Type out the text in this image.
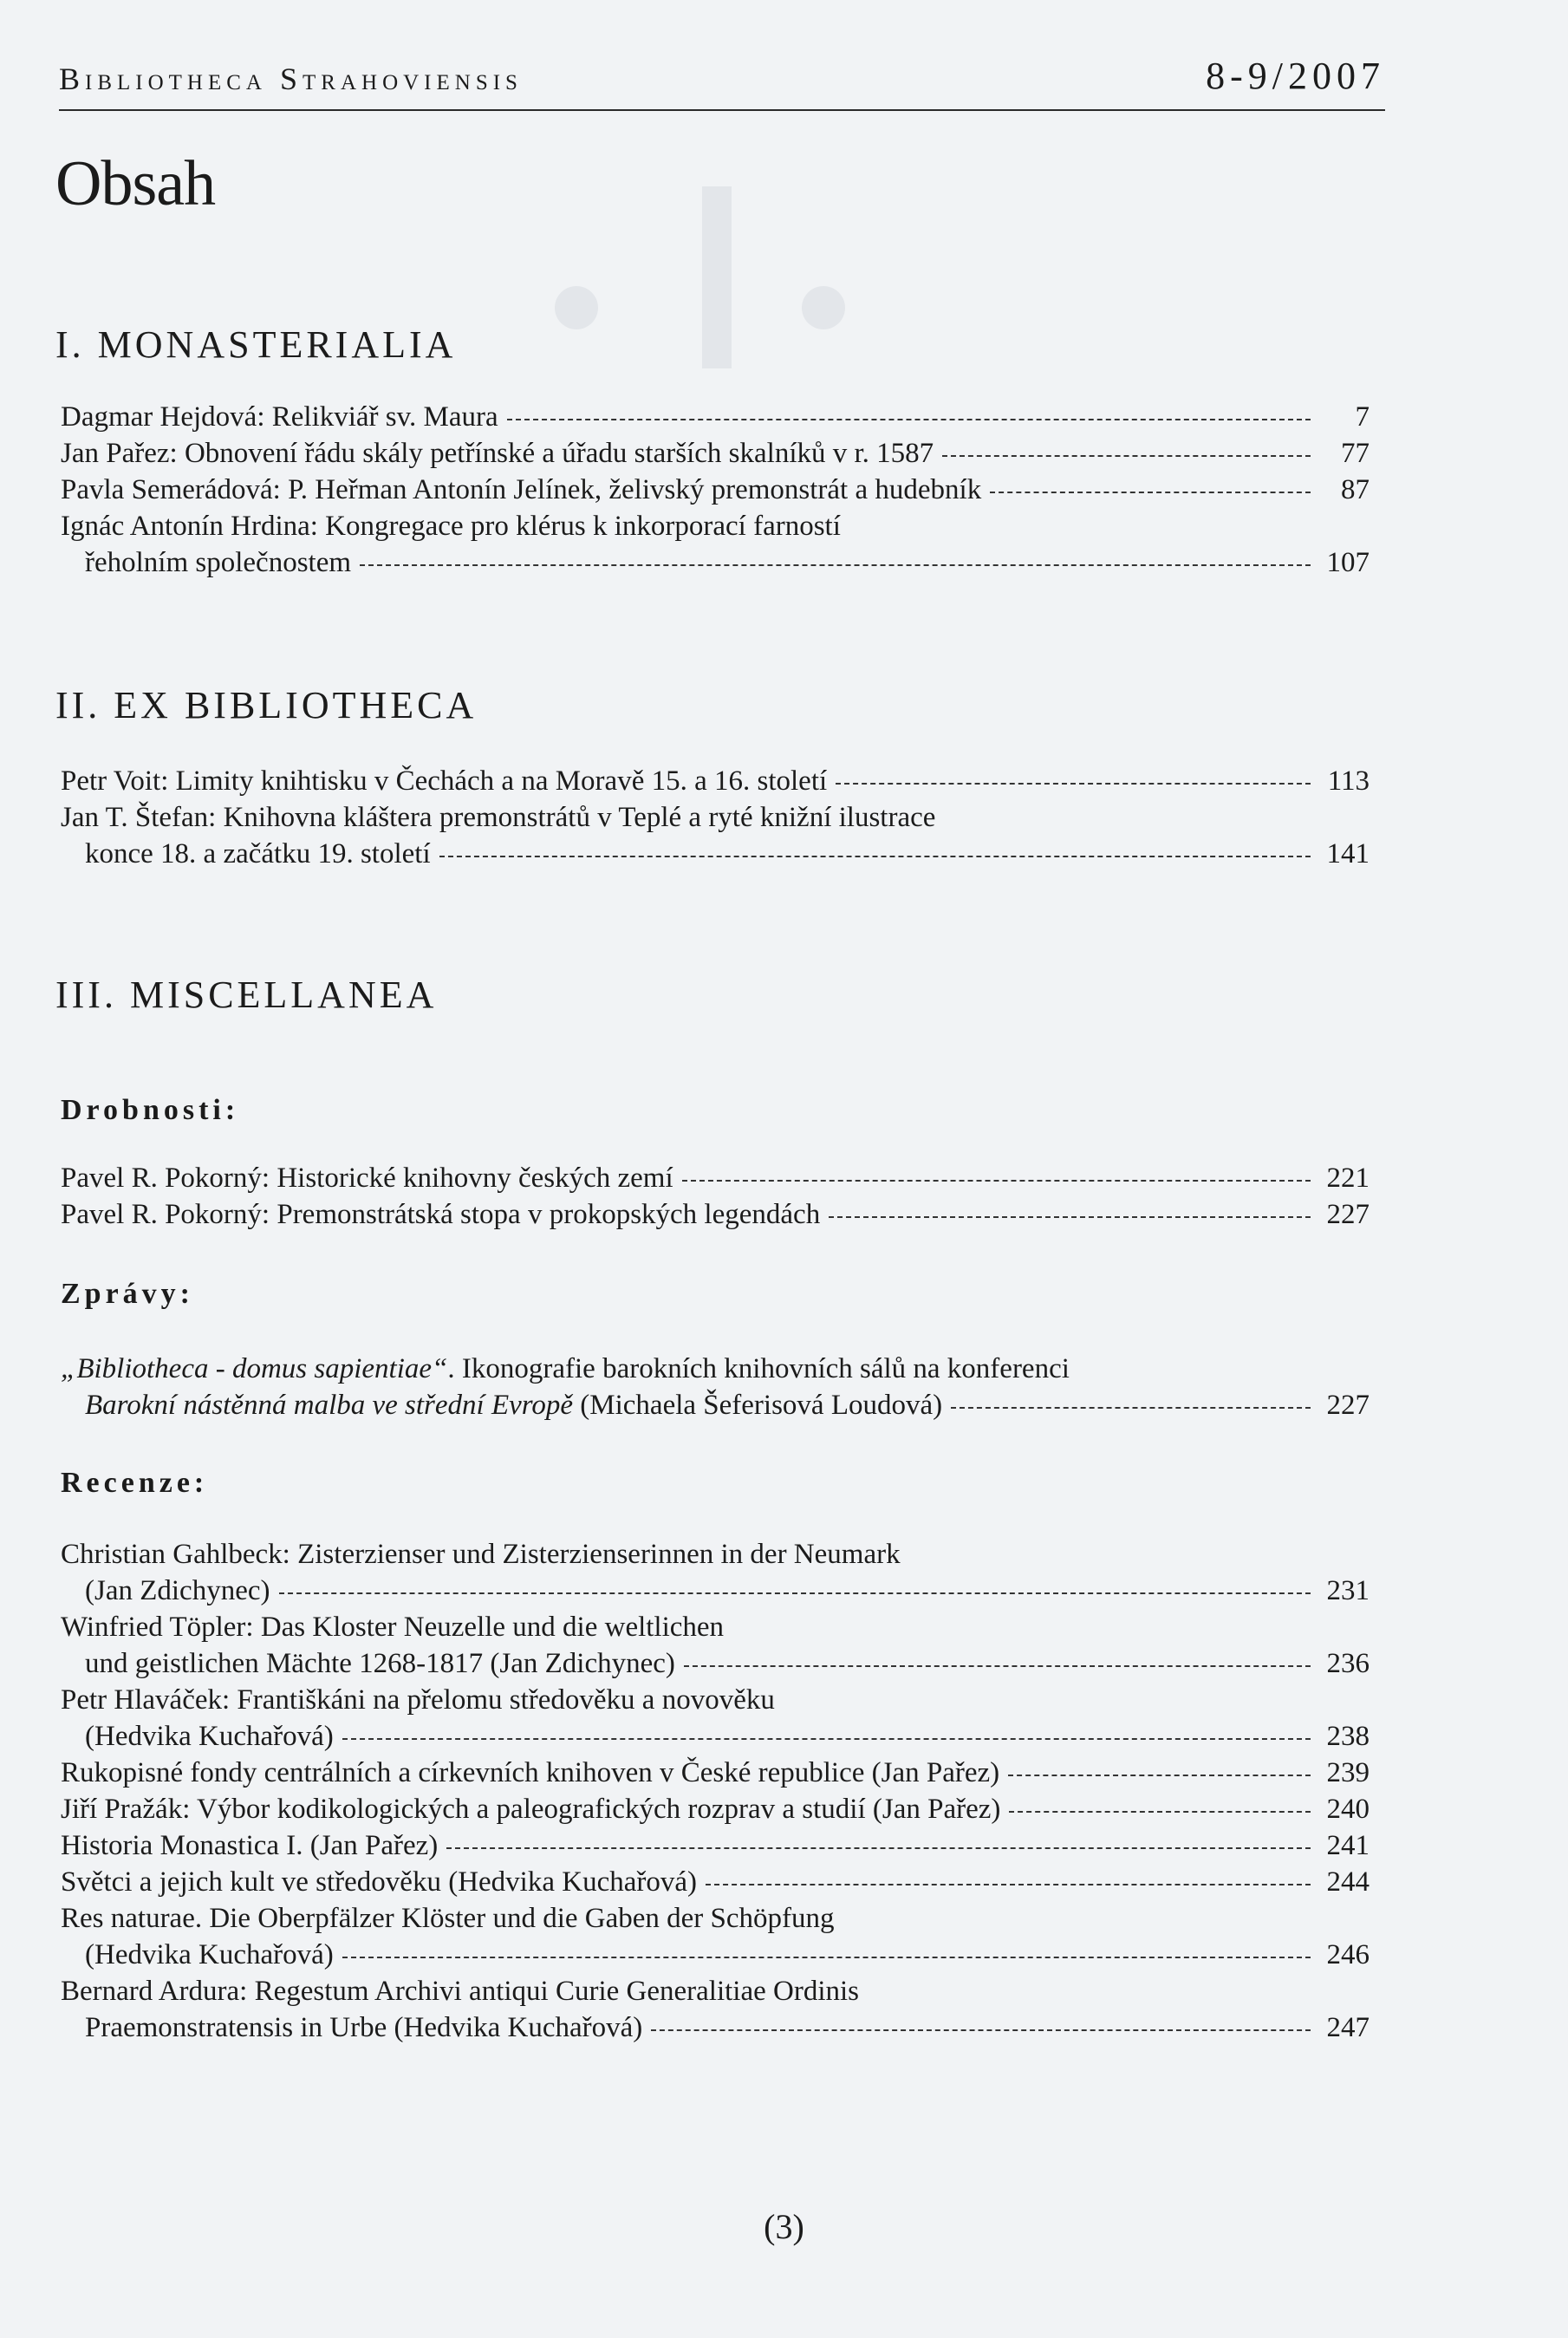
Bibliotheca Strahoviensis	8-9/2007
Obsah
I. MONASTERIALIA
Dagmar Hejdová: Relikviář sv. Maura	7
Jan Pařez: Obnovení řádu skály petřínské a úřadu starších skalníků v r. 1587	77
Pavla Semerádová: P. Heřman Antonín Jelínek, želivský premonstrát a hudebník	87
Ignác Antonín Hrdina: Kongregace pro klérus k inkorporací farností
řeholním společnostem	107
II. EX BIBLIOTHECA
Petr Voit: Limity knihtisku v Čechách a na Moravě 15. a 16. století	113
Jan T. Štefan: Knihovna kláštera premonstrátů v Teplé a ryté knižní ilustrace
konce 18. a začátku 19. století	141
III. MISCELLANEA
Drobnosti:
Pavel R. Pokorný: Historické knihovny českých zemí	221
Pavel R. Pokorný: Premonstrátská stopa v prokopských legendách	227
Zprávy:
„Bibliotheca - domus sapientiae“ . Ikonografie barokních knihovních sálů na konferenci
Barokní nástěnná malba ve střední Evropě (Michaela Šeferisová Loudová)	227
Recenze:
Christian Gahlbeck: Zisterzienser und Zisterzienserinnen in der Neumark
(Jan Zdichynec)	231
Winfried Töpler: Das Kloster Neuzelle und die weltlichen
und geistlichen Mächte 1268-1817 (Jan Zdichynec)	236
Petr Hlaváček: Františkáni na přelomu středověku a novověku
(Hedvika Kuchařová)	238
Rukopisné fondy centrálních a církevních knihoven v České republice (Jan Pařez)	239
Jiří Pražák: Výbor kodikologických a paleografických rozprav a studií (Jan Pařez)	240
Historia Monastica I. (Jan Pařez)	241
Světci a jejich kult ve středověku (Hedvika Kuchařová)	244
Res naturae. Die Oberpfälzer Klöster und die Gaben der Schöpfung
(Hedvika Kuchařová)	246
Bernard Ardura: Regestum Archivi antiqui Curie Generalitiae Ordinis
Praemonstratensis in Urbe (Hedvika Kuchařová)	247
(3)
